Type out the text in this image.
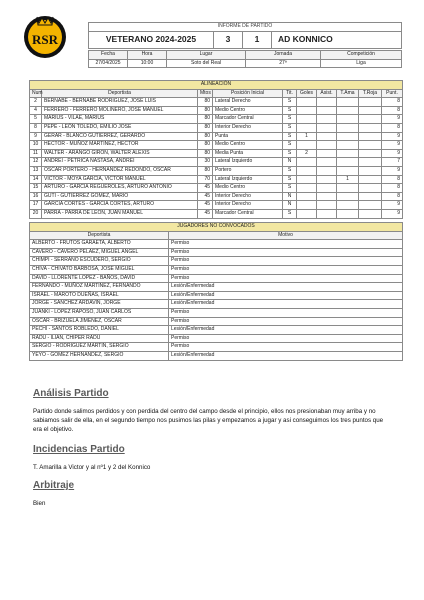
RSR
INFORME DE PARTIDO
VETERANO 2024-2025	3	1	AD KONNICO
Fecha	Hora	Lugar	Jornada	Competición
27/04/2025	10:00	Soto del Real	27ª	Liga
ALINEACIÓN									
Num	Deportista	Mtos	Posición Inicial	Tit.	Goles	Asist.	T.Ama	T.Roja	Punt.
2	BERNABE - BERNABE RODRIGUEZ, JOSE LUIS	80	Lateral Derecho	S					8
4	FERRERO - FERRERO MOLINERO, JOSE MANUEL	80	Medio Centro	S					8
5	MARIUS - VILAE, MARIUS	80	Marcador Central	S					9
8	PEPE - LEÓN TOLEDO, EMILIO JOSE	80	Interior Derecho	S					8
9	GERAR - BLANCO GUTIERREZ, GERARDO	80	Punta	S	1				9
10	HECTOR - MUÑOZ MARTINEZ, HECTOR	80	Medio Centro	S					9
11	WALTER - ARANGO GIRON, WALTER ALEXIS	80	Media Punta	S	2				9
12	ANDREI - PETRICA NASTASA, ANDREI	30	Lateral Izquierdo	N					7
13	OSCAR PORTERO - HERNANDEZ REDONDO, OSCAR	80	Portero	S					9
14	VICTOR - MOYA GARCIA, VICTOR MANUEL	70	Lateral Izquierdo	S			1		8
15	ARTURO - GARCIA REGUEROLES, ARTURO ANTONIO	45	Medio Centro	S					8
16	GUTI - GUTIERREZ GOMEZ, MARIO	45	Interior Derecho	N					8
17	GARCIA CORTES - GARCIA CORTES, ARTURO	45	Interior Derecho	N					9
20	PARRA - PARRA DE LEON, JUAN MANUEL	45	Marcador Central	S					9
JUGADORES NO CONVOCADOS	
Deportista	Motivo
ALBERTO - FRUTOS GARAETA, ALBERTO	Permiso
CAVERO - CAVERO PELAEZ, MIGUEL ANGEL	Permiso
CHIMPI - SERRANO ESCUDERO, SERGIO	Permiso
CHIVA - CHIVATO BARBOSA, JOSE MIGUEL	Permiso
DAVID - LLORENTE LOPEZ - BAÑOS, DAVID	Permiso
FERNANDO - MUÑOZ MARTINEZ, FERNANDO	Lesión/Enfermedad
ISRAEL - MAROTO DUEÑAS, ISRAEL	Lesión/Enfermedad
JORGE - SANCHEZ ARDAVIN, JORGE	Lesión/Enfermedad
JUANKI - LOPEZ RAPOSO, JUAN CARLOS	Permiso
OSCAR - BRIZUELA JIMENEZ, OSCAR	Permiso
PECHI - SANTOS ROBLEDO, DANIEL	Lesión/Enfermedad
RADU - ILIAN, CHIPER RADU	Permiso
SERGIO - RODRIGUEZ MARTIN, SERGIO	Permiso
YEYO - GOMEZ HERNANDEZ, SERGIO	Lesión/Enfermedad
Análisis Partido

Partido donde salimos perdidos y con perdida del centro del campo desde el principio, ellos nos presionaban muy arriba y no sabiamos salir de ella, en el segundo tiempo nos pusimos las pilas y empezamos a jugar y asi conseguimos los tres puntos que era el objetivo.

Incidencias Partido

T. Amarilla a Victor y al nº1 y 2 del Konnico

Arbitraje

Bien
